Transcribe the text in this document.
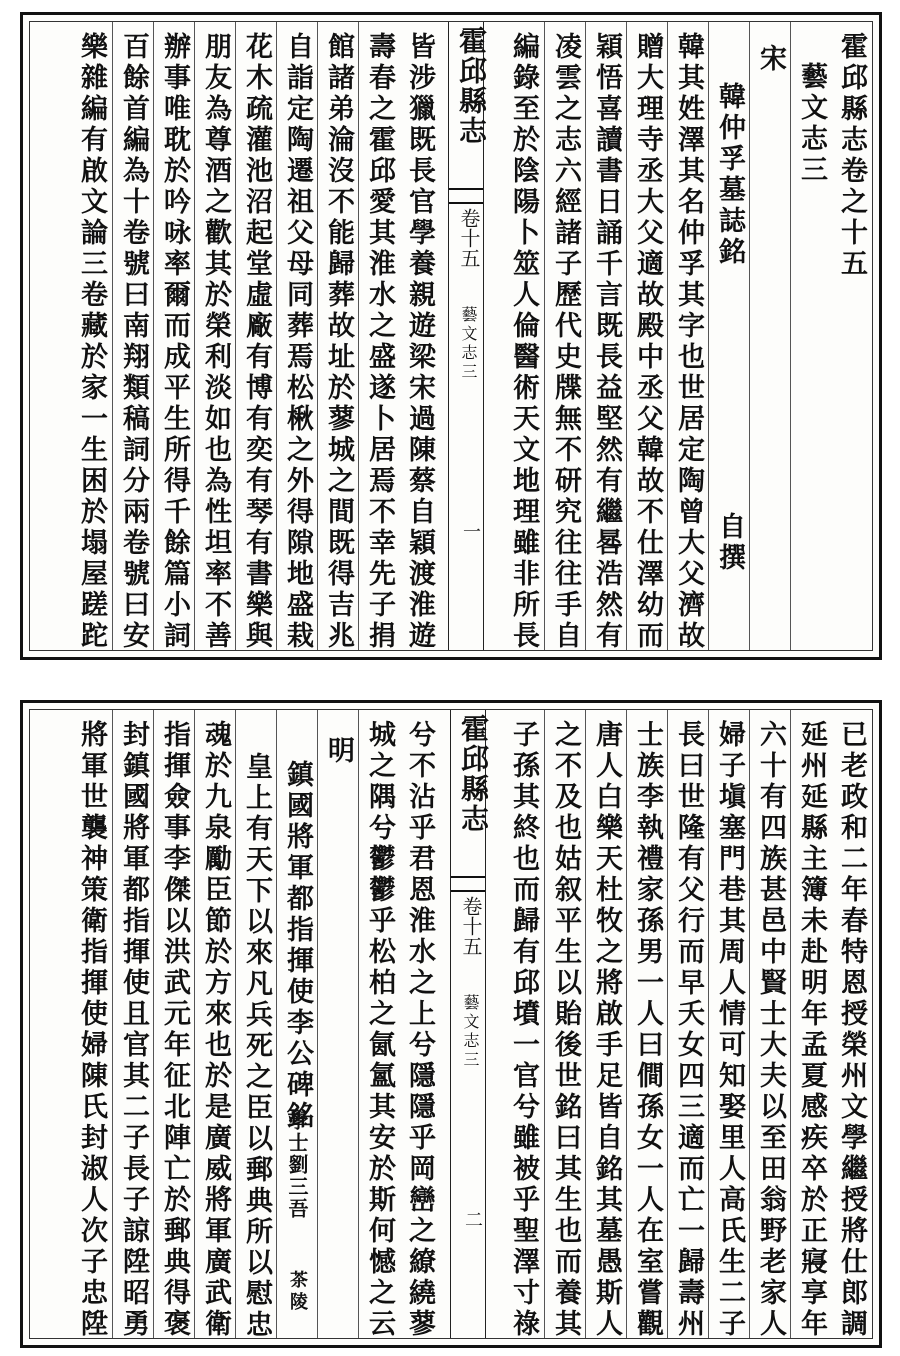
霍邱縣志卷之十五
藝文志三
宋
韓仲孚墓誌銘
自撰
韓其姓澤其名仲孚其字也世居定陶曾大父濟故
贈大理寺丞大父適故殿中丞父韓故不仕澤幼而
穎悟喜讀書日誦千言既長益堅然有繼晷浩然有
凌雲之志六經諸子歷代史牒無不研究往往手自
編錄至於陰陽卜筮人倫醫術天文地理雖非所長
霍邱縣志
卷十五
藝文志三
一
皆涉獵既長官學養親遊梁宋過陳蔡自穎渡淮遊
壽春之霍邱愛其淮水之盛遂卜居焉不幸先子捐
館諸弟淪沒不能歸葬故址於蓼城之間既得吉兆
自詣定陶遷祖父母同葬焉松楸之外得隙地盛栽
花木疏灌池沼起堂虛廠有博有奕有琴有書樂與
朋友為尊酒之歡其於榮利淡如也為性坦率不善
辦事唯耽於吟咏率爾而成平生所得千餘篇小詞
百餘首編為十卷號曰南翔類稿詞分兩卷號曰安
樂雜編有啟文論三卷藏於家一生困於塌屋蹉跎
已老政和二年春特恩授榮州文學繼授將仕郎調
延州延縣主簿未赴明年孟夏感疾卒於正寢享年
六十有四族甚邑中賢士大夫以至田翁野老家人
婦子塡塞門巷其周人情可知娶里人高氏生二子
長曰世隆有父行而早夭女四三適而亡一歸壽州
士族李執禮家孫男一人曰僴孫女一人在室嘗觀
唐人白樂天杜牧之將啟手足皆自銘其墓愚斯人
之不及也姑叙平生以貽後世銘曰其生也而養其
子孫其終也而歸有邱墳一官兮雖被乎聖澤寸祿
霍邱縣志
卷十五
藝文志三
二
兮不沾乎君恩淮水之上兮隱隱乎岡巒之繚繞蓼
城之隅兮鬱鬱乎松柏之氤氳其安於斯何憾之云
明
鎮國將軍都指揮使李公碑銘
學士劉三吾
茶陵
皇上有天下以來凡兵死之臣以郵典所以慰忠
魂於九泉勵臣節於方來也於是廣威將軍廣武衛
指揮僉事李傑以洪武元年征北陣亡於郵典得褒
封鎮國將軍都指揮使且官其二子長子諒陞昭勇
將軍世襲神策衛指揮使婦陳氏封淑人次子忠陞
